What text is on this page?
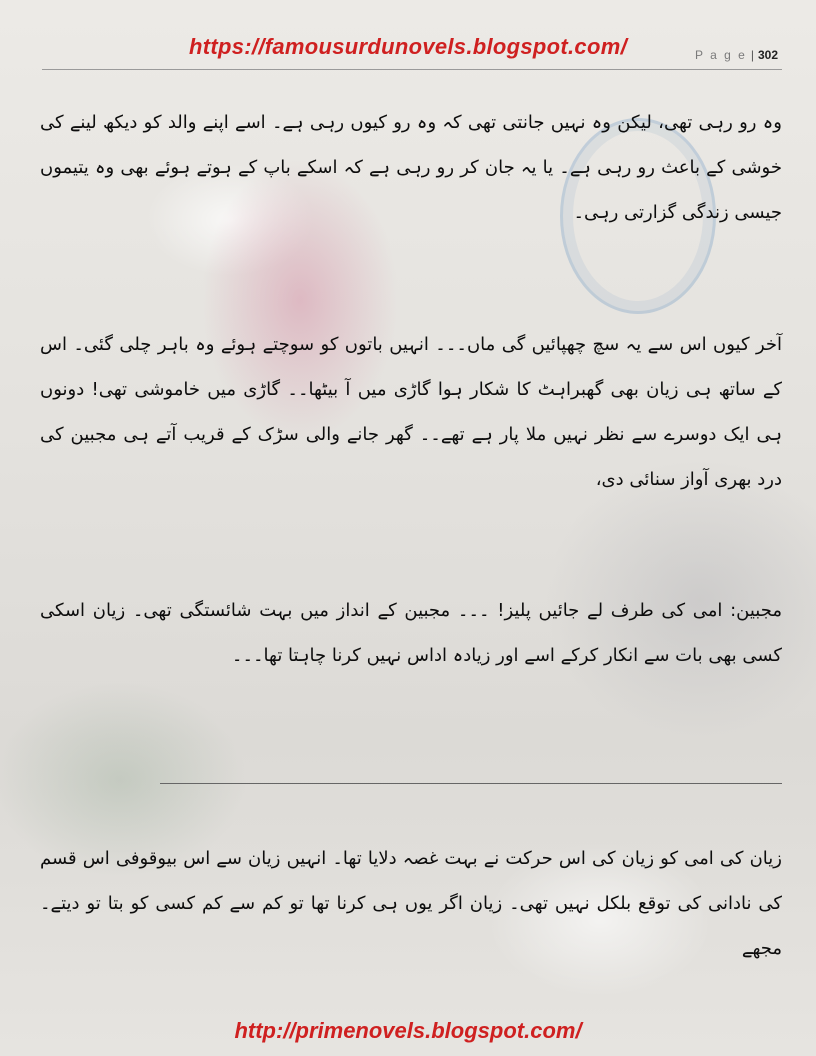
https://famousurdunovels.blogspot.com/	P a g e | 302

وہ رو رہی تھی، لیکن وہ نہیں جانتی تھی کہ وہ رو کیوں رہی ہے۔ اسے اپنے والد کو دیکھ لینے کی خوشی کے باعث رو رہی ہے۔ یا یہ جان کر رو رہی ہے کہ اسکے باپ کے ہوتے ہوئے بھی وہ یتیموں جیسی زندگی گزارتی رہی۔

آخر کیوں اس سے یہ سچ چھپائیں گی ماں۔۔۔ انہیں باتوں کو سوچتے ہوئے وہ باہر چلی گئی۔ اس کے ساتھ ہی زیان بھی گھبراہٹ کا شکار ہوا گاڑی میں آ بیٹھا۔۔ گاڑی میں خاموشی تھی! دونوں ہی ایک دوسرے سے نظر نہیں ملا پار ہے تھے۔۔ گھر جانے والی سڑک کے قریب آتے ہی مجبین کی درد بھری آواز سنائی دی،

مجبین: امی کی طرف لے جائیں پلیز! ۔۔۔ مجبین کے انداز میں بہت شائستگی تھی۔ زیان اسکی کسی بھی بات سے انکار کرکے اسے اور زیادہ اداس نہیں کرنا چاہتا تھا۔۔۔

زیان کی امی کو زیان کی اس حرکت نے بہت غصہ دلایا تھا۔ انہیں زیان سے اس بیوقوفی اس قسم کی نادانی کی توقع بلکل نہیں تھی۔ زیان اگر یوں ہی کرنا تھا تو کم سے کم کسی کو بتا تو دیتے۔ مجھے

http://primenovels.blogspot.com/
